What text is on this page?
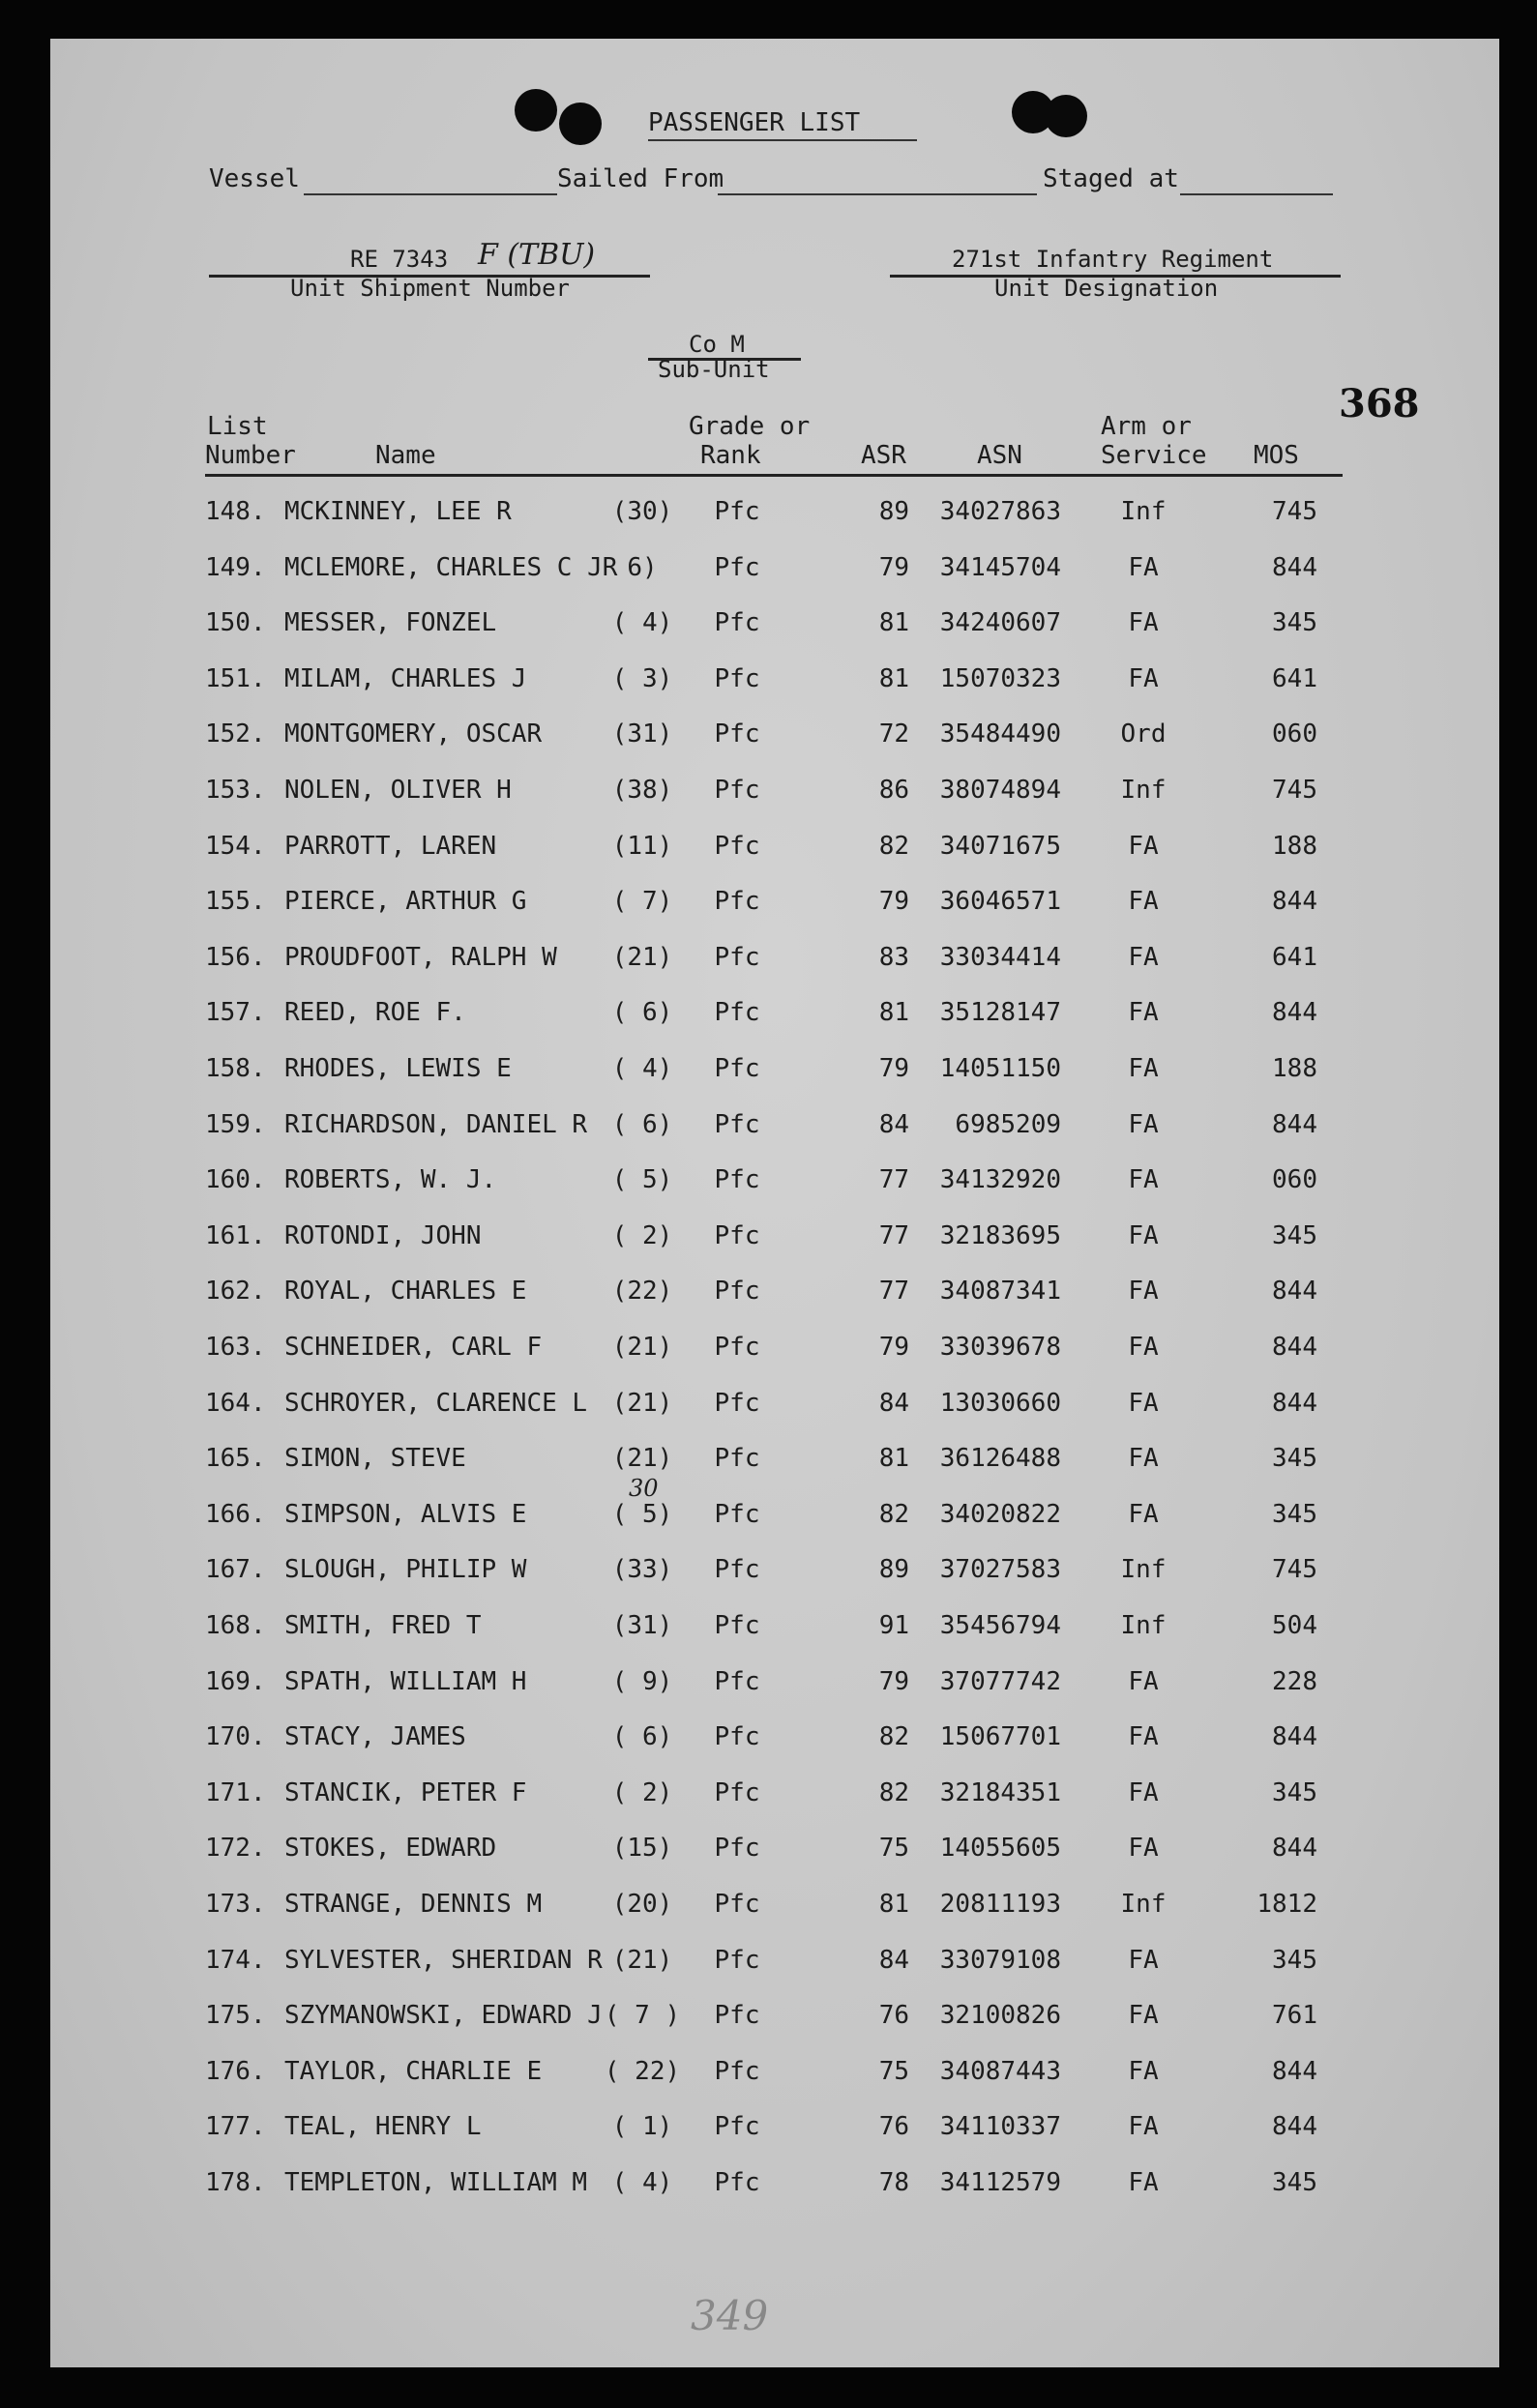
PASSENGER LIST
Vessel	Sailed From	Staged at
RE 7343 F (TBU)
Unit Shipment Number
271st Infantry Regiment
Unit Designation
Co M
Sub-Unit
368
List
Number	Name
Grade or
Rank	ASR	ASN
Arm or
Service MOS
148. MCKINNEY, LEE R	(30)	Pfc	89	34027863	Inf	745
149. MCLEMORE, CHARLES C JR 6)	Pfc	79	34145704	FA	844
150. MESSER, FONZEL	( 4)	Pfc	81	34240607	FA	345
151. MILAM, CHARLES J	( 3)	Pfc	81	15070323	FA	641
152. MONTGOMERY, OSCAR	(31)	Pfc	72	35484490	Ord	060
153. NOLEN, OLIVER H	(38)	Pfc	86	38074894	Inf	745
154. PARROTT, LAREN	(11)	Pfc	82	34071675	FA	188
155. PIERCE, ARTHUR G	( 7)	Pfc	79	36046571	FA	844
156. PROUDFOOT, RALPH W	(21)	Pfc	83	33034414	FA	641
157. REED, ROE F.	( 6)	Pfc	81	35128147	FA	844
158. RHODES, LEWIS E	( 4)	Pfc	79	14051150	FA	188
159. RICHARDSON, DANIEL R ( 6)	Pfc	84	6985209	FA	844
160. ROBERTS, W. J.	( 5)	Pfc	77	34132920	FA	060
161. ROTONDI, JOHN	( 2)	Pfc	77	32183695	FA	345
162. ROYAL, CHARLES E	(22)	Pfc	77	34087341	FA	844
163. SCHNEIDER, CARL F	(21)	Pfc	79	33039678	FA	844
164. SCHROYER, CLARENCE L (21)	Pfc	84	13030660	FA	844
165. SIMON, STEVE	(21)	Pfc	81	36126488	FA	345
166. SIMPSON, ALVIS E	( 5)	Pfc	82	34020822	FA	345
30
167. SLOUGH, PHILIP W	(33)	Pfc	89	37027583	Inf	745
168. SMITH, FRED T	(31)	Pfc	91	35456794	Inf	504
169. SPATH, WILLIAM H	( 9)	Pfc	79	37077742	FA	228
170. STACY, JAMES	( 6)	Pfc	82	15067701	FA	844
171. STANCIK, PETER F	( 2)	Pfc	82	32184351	FA	345
172. STOKES, EDWARD	(15)	Pfc	75	14055605	FA	844
173. STRANGE, DENNIS M	(20)	Pfc	81	20811193	Inf	1812
174. SYLVESTER, SHERIDAN R (21)	Pfc	84	33079108	FA	345
175. SZYMANOWSKI, EDWARD J ( 7 )	Pfc	76	32100826	FA	761
176. TAYLOR, CHARLIE E	( 22)	Pfc	75	34087443	FA	844
177. TEAL, HENRY L	( 1)	Pfc	76	34110337	FA	844
178. TEMPLETON, WILLIAM M ( 4)	Pfc	78	34112579	FA	345
349
